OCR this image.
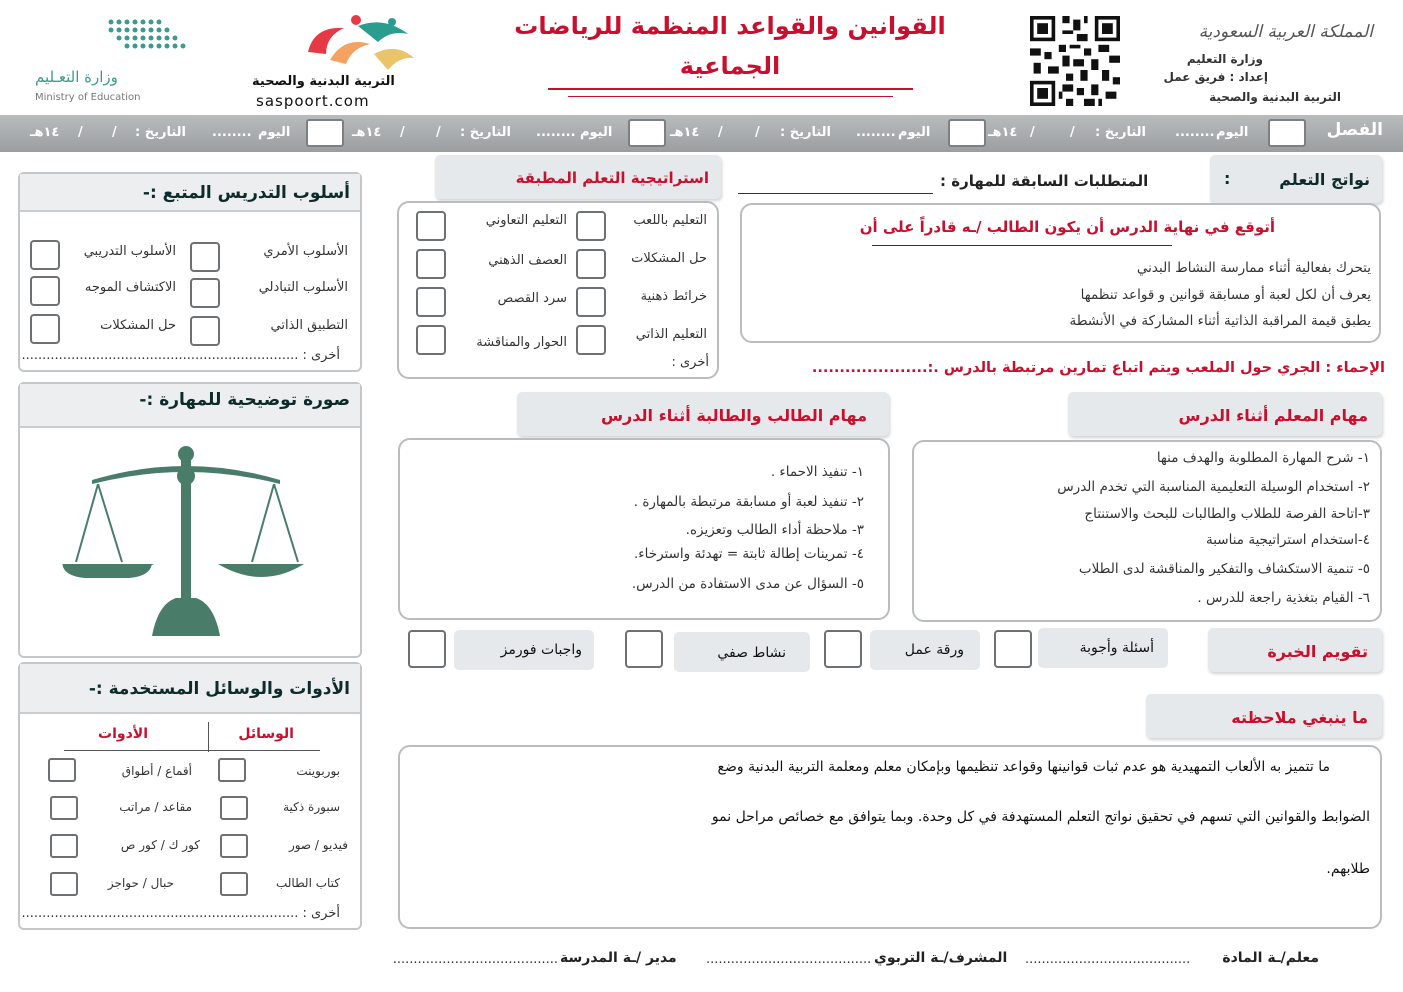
المملكة العربية السعودية
وزارة التعليم
إعداد : فريق عمل
التربية البدنية والصحية
القوانين والقواعد المنظمة للرياضات
الجماعية
التربية البدنية والصحية
saspoort.com
وزارة التعـليم
Ministry of Education
الفصل
اليوم
........
التاريخ :
/
/
١٤هـ
اليوم
........
التاريخ :
/
/
١٤هـ
اليوم
........
التاريخ :
/
/
١٤هـ
اليوم
........
التاريخ :
/
/
١٤هـ
نواتج التعلم
:
المتطلبات السابقة للمهارة :
أتوقع في نهاية الدرس أن يكون الطالب /ـه قادراً على أن
يتحرك بفعالية أثناء ممارسة النشاط البدني
يعرف أن لكل لعبة أو مسابقة قوانين و قواعد تنظمها
يطبق قيمة المراقبة الذاتية أثناء المشاركة في الأنشطة
الإحماء : الجري حول الملعب ويتم اتباع تمارين مرتبطة بالدرس .:.....................
استراتيجية التعلم المطبقة
التعليم باللعب
حل المشكلات
خرائط ذهنية
التعليم الذاتي
التعليم التعاوني
العصف الذهني
سرد القصص
الحوار والمناقشة
أخرى :
أسلوب التدريس المتبع :-
الأسلوب الأمري
الأسلوب التبادلي
التطبيق الذاتي
الأسلوب التدريبي
الاكتشاف الموجه
حل المشكلات
أخرى : ...................................................................
صورة توضيحية للمهارة :-
الأدوات والوسائل المستخدمة :-
الوسائل
الأدوات
بوربوينت
سبورة ذكية
فيديو / صور
كتاب الطالب
أقماع / أطواق
مقاعد / مراتب
كور ك / كور ص
حبال / حواجز
أخرى : ...................................................................
مهام المعلم أثناء الدرس
١- شرح المهارة المطلوبة والهدف منها
٢- استخدام الوسيلة التعليمية المناسبة التي تخدم الدرس
٣-اتاحة الفرصة للطلاب والطالبات للبحث والاستنتاج
٤-استخدام استراتيجية مناسبة
٥- تنمية الاستكشاف والتفكير والمناقشة لدى الطلاب
٦- القيام بتغذية راجعة للدرس .
مهام الطالب والطالبة أثناء الدرس
١- تنفيذ الاحماء .
٢- تنفيذ لعبة أو مسابقة مرتبطة بالمهارة .
٣- ملاحظة أداء الطالب وتعزيزه.
٤- تمرينات إطالة ثابتة = تهدئة واسترخاء.
٥- السؤال عن مدى الاستفادة من الدرس.
تقويم الخبرة
أسئلة وأجوبة
ورقة عمل
نشاط صفي
واجبات فورمز
ما ينبغي ملاحظته
ما تتميز به الألعاب التمهيدية هو عدم ثبات قوانينها وقواعد تنظيمها وبإمكان معلم ومعلمة التربية البدنية وضع
الضوابط والقوانين التي تسهم في تحقيق نواتج التعلم المستهدفة في كل وحدة. وبما يتوافق مع خصائص مراحل نمو
طلابهم.
معلم/ـة المادة
........................................
المشرف/ـة التربوي
........................................
مدير /ـة المدرسة
........................................
